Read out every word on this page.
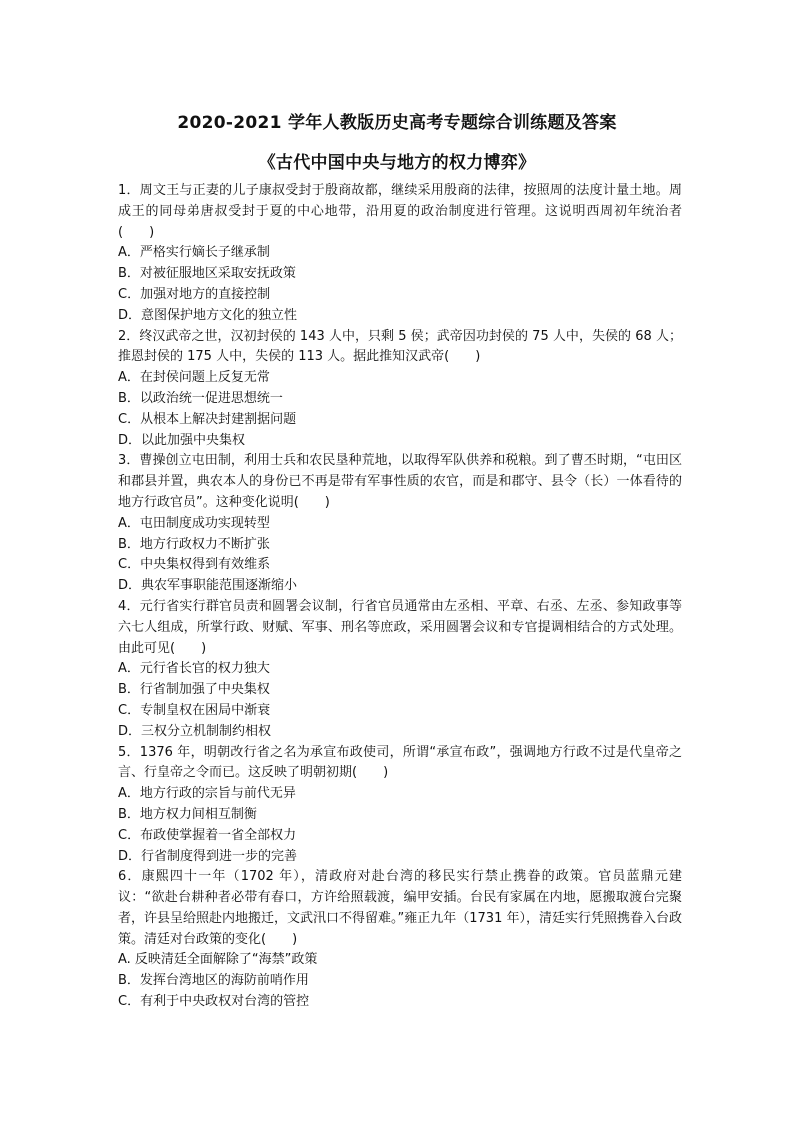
2020-2021 学年人教版历史高考专题综合训练题及答案
《古代中国中央与地方的权力博弈》
1．周文王与正妻的儿子康叔受封于殷商故都，继续采用殷商的法律，按照周的法度计量土地。周成王的同母弟唐叔受封于夏的中心地带，沿用夏的政治制度进行管理。这说明西周初年统治者(　　)
A．严格实行嫡长子继承制
B．对被征服地区采取安抚政策
C．加强对地方的直接控制
D．意图保护地方文化的独立性
2．终汉武帝之世，汉初封侯的 143 人中，只剩 5 侯；武帝因功封侯的 75 人中，失侯的 68 人；推恩封侯的 175 人中，失侯的 113 人。据此推知汉武帝(　　)
A．在封侯问题上反复无常
B．以政治统一促进思想统一
C．从根本上解决封建割据问题
D．以此加强中央集权
3．曹操创立屯田制，利用士兵和农民垦种荒地，以取得军队供养和税粮。到了曹丕时期，“屯田区和郡县并置，典农本人的身份已不再是带有军事性质的农官，而是和郡守、县令（长）一体看待的地方行政官员”。这种变化说明(　　)
A．屯田制度成功实现转型
B．地方行政权力不断扩张
C．中央集权得到有效维系
D．典农军事职能范围逐渐缩小
4．元行省实行群官员责和圆署会议制，行省官员通常由左丞相、平章、右丞、左丞、参知政事等六七人组成，所掌行政、财赋、军事、刑名等庶政，采用圆署会议和专官提调相结合的方式处理。由此可见(　　)
A．元行省长官的权力独大
B．行省制加强了中央集权
C．专制皇权在困局中渐衰
D．三权分立机制制约相权
5．1376 年，明朝改行省之名为承宣布政使司，所谓“承宣布政”，强调地方行政不过是代皇帝之言、行皇帝之令而已。这反映了明朝初期(　　)
A．地方行政的宗旨与前代无异
B．地方权力间相互制衡
C．布政使掌握着一省全部权力
D．行省制度得到进一步的完善
6．康熙四十一年（1702 年），清政府对赴台湾的移民实行禁止携眷的政策。官员蓝鼎元建议：“欲赴台耕种者必带有春口，方许给照载渡，编甲安插。台民有家属在内地，愿搬取渡台完聚者，许县呈给照赴内地搬迁，文武汛口不得留难。”雍正九年（1731 年），清廷实行凭照携眷入台政策。清廷对台政策的变化(　　)
A. 反映清廷全面解除了“海禁”政策
B．发挥台湾地区的海防前哨作用
C．有利于中央政权对台湾的管控
